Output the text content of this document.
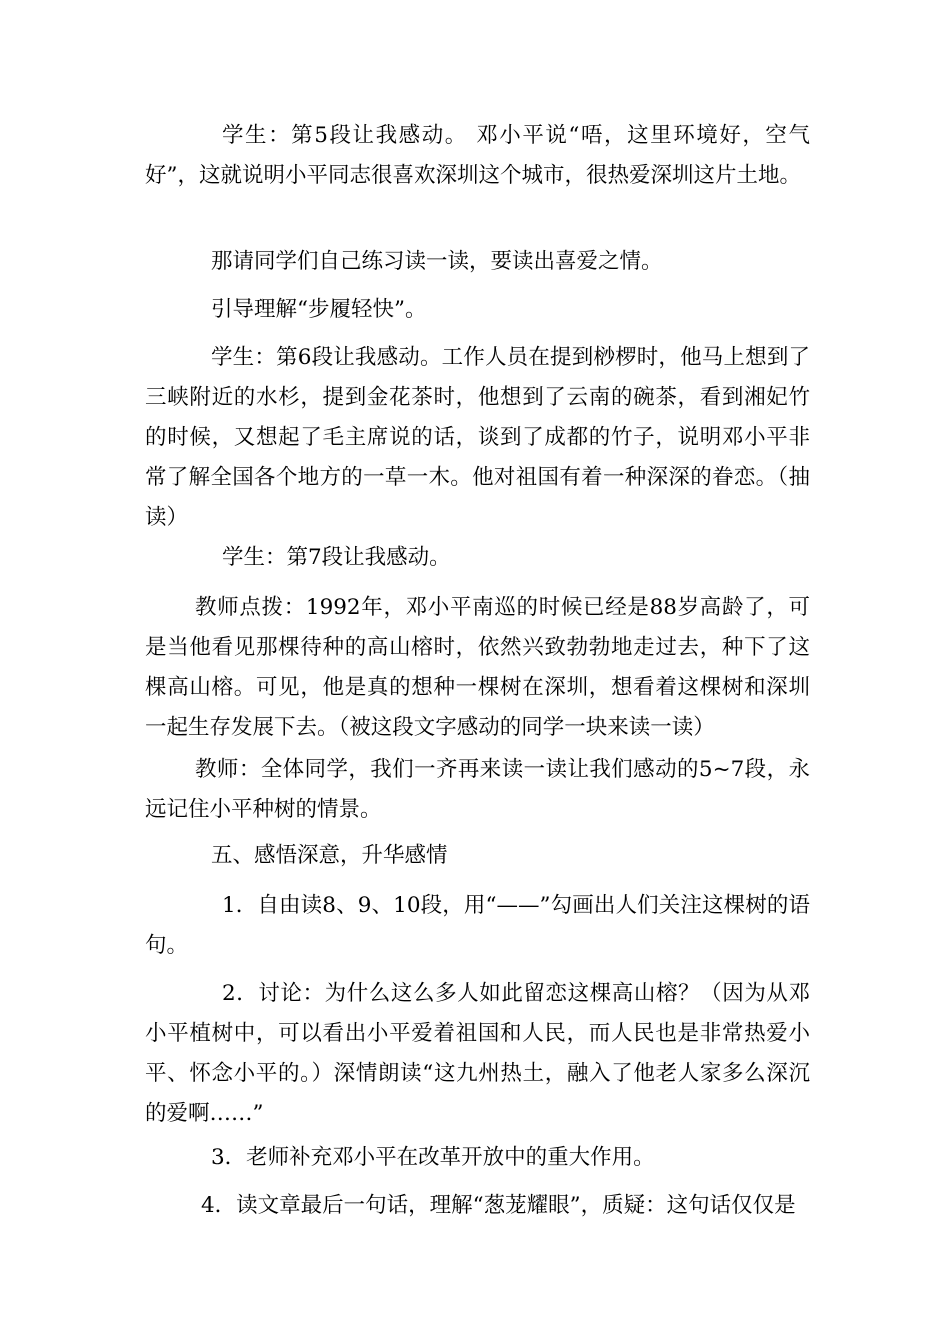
学生：第5段让我感动。 邓小平说“唔，这里环境好，空气好”，这就说明小平同志很喜欢深圳这个城市，很热爱深圳这片土地。

那请同学们自己练习读一读，要读出喜爱之情。

引导理解“步履轻快”。

学生：第6段让我感动。工作人员在提到桫椤时，他马上想到了三峡附近的水杉，提到金花茶时，他想到了云南的碗茶，看到湘妃竹的时候，又想起了毛主席说的话，谈到了成都的竹子，说明邓小平非常了解全国各个地方的一草一木。他对祖国有着一种深深的眷恋。（抽读）

学生：第7段让我感动。

教师点拨：1992年，邓小平南巡的时候已经是88岁高龄了，可是当他看见那棵待种的高山榕时，依然兴致勃勃地走过去，种下了这棵高山榕。可见，他是真的想种一棵树在深圳，想看着这棵树和深圳一起生存发展下去。（被这段文字感动的同学一块来读一读）

教师：全体同学，我们一齐再来读一读让我们感动的5~7段，永远记住小平种树的情景。

五、感悟深意，升华感情

1．自由读8、9、10段，用“——”勾画出人们关注这棵树的语句。

2．讨论：为什么这么多人如此留恋这棵高山榕？（因为从邓小平植树中，可以看出小平爱着祖国和人民，而人民也是非常热爱小平、怀念小平的。）深情朗读“这九州热土，融入了他老人家多么深沉的爱啊……”

3．老师补充邓小平在改革开放中的重大作用。

4．读文章最后一句话，理解“葱茏耀眼”，质疑：这句话仅仅是
